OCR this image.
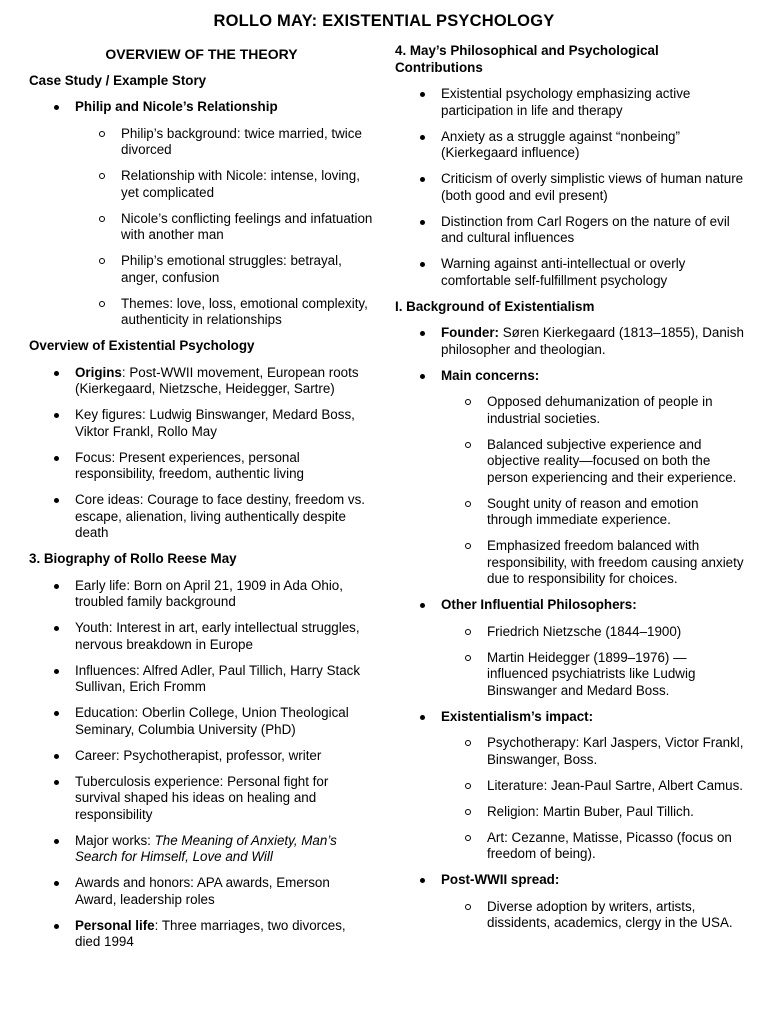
ROLLO MAY: EXISTENTIAL PSYCHOLOGY
OVERVIEW OF THE THEORY
Case Study / Example Story
Philip and Nicole’s Relationship
Philip’s background: twice married, twice divorced
Relationship with Nicole: intense, loving, yet complicated
Nicole’s conflicting feelings and infatuation with another man
Philip’s emotional struggles: betrayal, anger, confusion
Themes: love, loss, emotional complexity, authenticity in relationships
Overview of Existential Psychology
Origins: Post-WWII movement, European roots (Kierkegaard, Nietzsche, Heidegger, Sartre)
Key figures: Ludwig Binswanger, Medard Boss, Viktor Frankl, Rollo May
Focus: Present experiences, personal responsibility, freedom, authentic living
Core ideas: Courage to face destiny, freedom vs. escape, alienation, living authentically despite death
3. Biography of Rollo Reese May
Early life: Born on April 21, 1909 in Ada Ohio, troubled family background
Youth: Interest in art, early intellectual struggles, nervous breakdown in Europe
Influences: Alfred Adler, Paul Tillich, Harry Stack Sullivan, Erich Fromm
Education: Oberlin College, Union Theological Seminary, Columbia University (PhD)
Career: Psychotherapist, professor, writer
Tuberculosis experience: Personal fight for survival shaped his ideas on healing and responsibility
Major works: The Meaning of Anxiety, Man’s Search for Himself, Love and Will
Awards and honors: APA awards, Emerson Award, leadership roles
Personal life: Three marriages, two divorces, died 1994
4. May’s Philosophical and Psychological
Contributions
Existential psychology emphasizing active participation in life and therapy
Anxiety as a struggle against “nonbeing” (Kierkegaard influence)
Criticism of overly simplistic views of human nature (both good and evil present)
Distinction from Carl Rogers on the nature of evil and cultural influences
Warning against anti-intellectual or overly comfortable self-fulfillment psychology
I. Background of Existentialism
Founder: Søren Kierkegaard (1813–1855), Danish philosopher and theologian.
Main concerns:
Opposed dehumanization of people in industrial societies.
Balanced subjective experience and objective reality—focused on both the person experiencing and their experience.
Sought unity of reason and emotion through immediate experience.
Emphasized freedom balanced with responsibility, with freedom causing anxiety due to responsibility for choices.
Other Influential Philosophers:
Friedrich Nietzsche (1844–1900)
Martin Heidegger (1899–1976) — influenced psychiatrists like Ludwig Binswanger and Medard Boss.
Existentialism’s impact:
Psychotherapy: Karl Jaspers, Victor Frankl, Binswanger, Boss.
Literature: Jean-Paul Sartre, Albert Camus.
Religion: Martin Buber, Paul Tillich.
Art: Cezanne, Matisse, Picasso (focus on freedom of being).
Post-WWII spread:
Diverse adoption by writers, artists, dissidents, academics, clergy in the USA.
